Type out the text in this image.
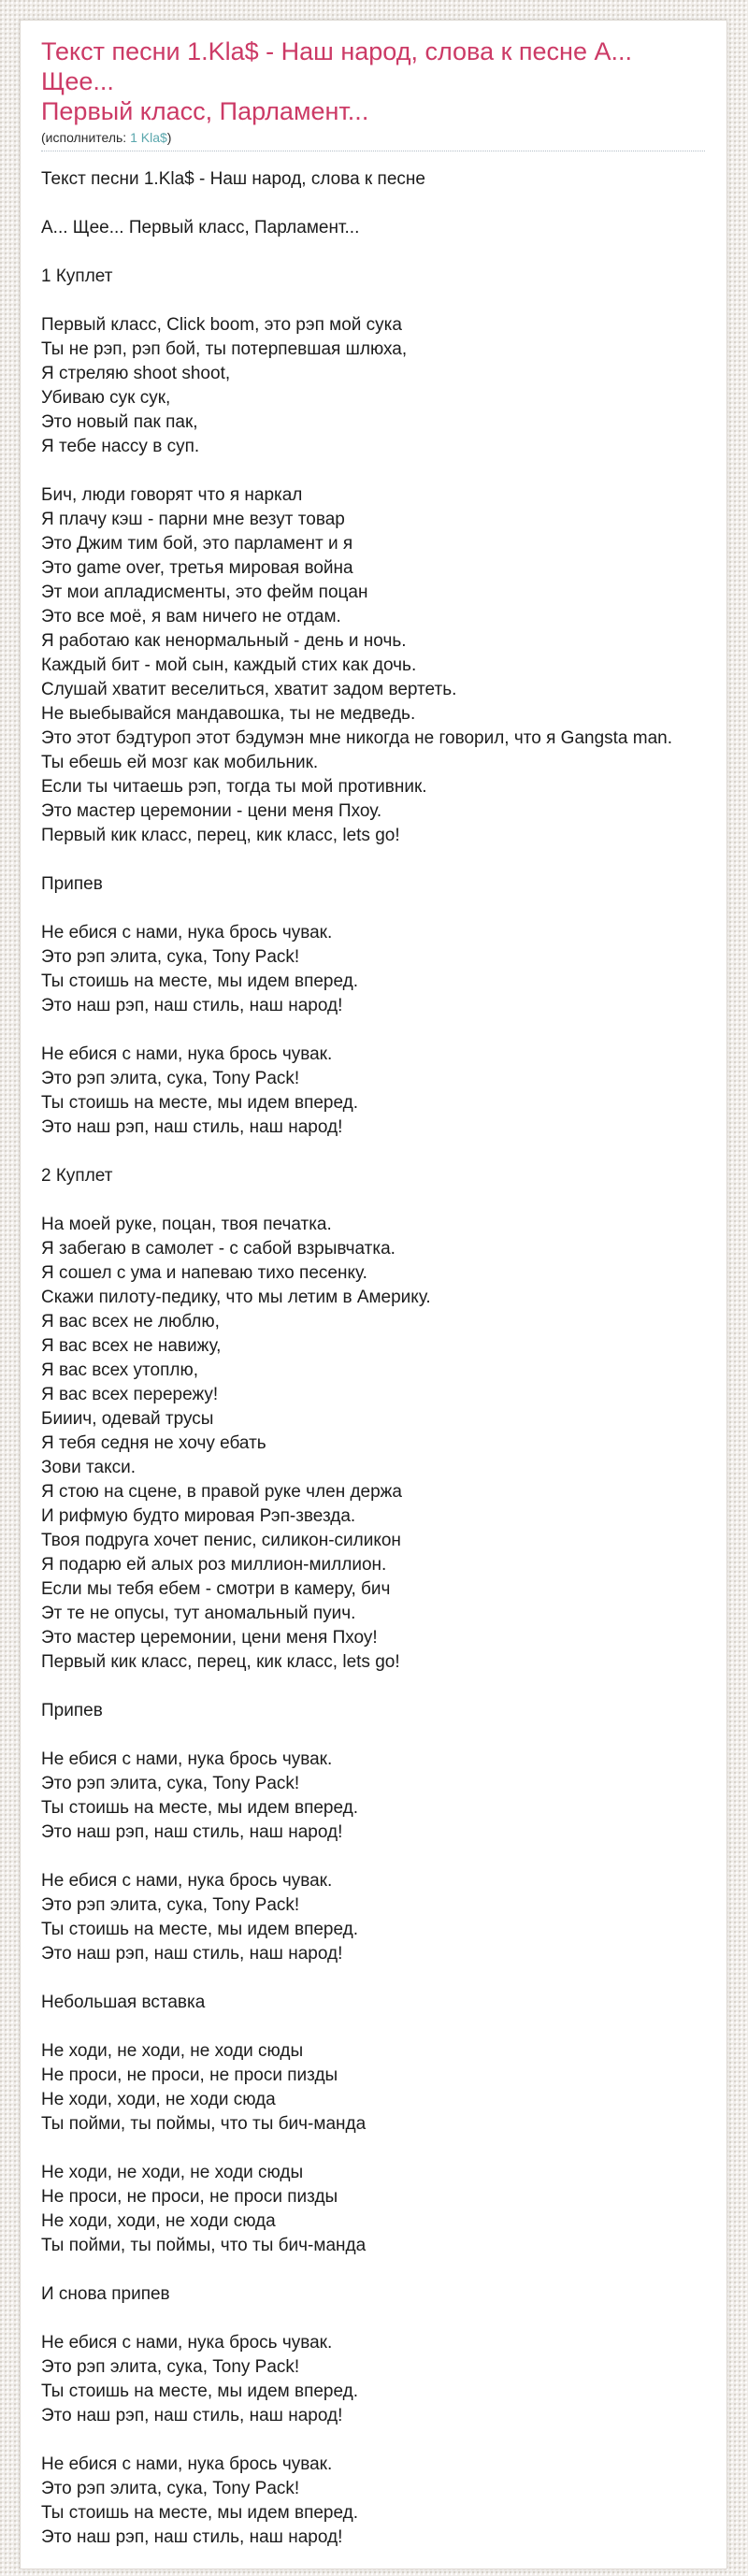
Текст песни 1.Kla$ - Наш народ, слова к песне А... Щее...
Первый класс, Парламент...
(исполнитель: 1 Kla$)
Текст песни 1.Kla$ - Наш народ, слова к песне
А... Щее... Первый класс, Парламент...
1 Куплет
Первый класс, Click boom, это рэп мой сука
Ты не рэп, рэп бой, ты потерпевшая шлюха,
Я стреляю shoot shoot,
Убиваю сук сук,
Это новый пак пак,
Я тебе нассу в суп.
Бич, люди говорят что я наркал
Я плачу кэш - парни мне везут товар
Это Джим тим бой, это парламент и я
Это game over, третья мировая война
Эт мои апладисменты, это фейм поцан
Это все моё, я вам ничего не отдам.
Я работаю как ненормальный - день и ночь.
Каждый бит - мой сын, каждый стих как дочь.
Слушай хватит веселиться, хватит задом вертеть.
Не выебывайся мандавошка, ты не медведь.
Это этот бэдтуроп этот бэдумэн мне никогда не говорил, что я Gangsta man.
Ты ебешь ей мозг как мобильник.
Если ты читаешь рэп, тогда ты мой противник.
Это мастер церемонии - цени меня Пхоу.
Первый кик класс, перец, кик класс, lets go!
Припев
Не ебися с нами, нука брось чувак.
Это рэп элита, сука, Tony Pack!
Ты стоишь на месте, мы идем вперед.
Это наш рэп, наш стиль, наш народ!
Не ебися с нами, нука брось чувак.
Это рэп элита, сука, Tony Pack!
Ты стоишь на месте, мы идем вперед.
Это наш рэп, наш стиль, наш народ!
2 Куплет
На моей руке, поцан, твоя печатка.
Я забегаю в самолет - с сабой взрывчатка.
Я сошел с ума и напеваю тихо песенку.
Скажи пилоту-педику, что мы летим в Америку.
Я вас всех не люблю,
Я вас всех не навижу,
Я вас всех утоплю,
Я вас всех перережу!
Бииич, одевай трусы
Я тебя седня не хочу ебать
Зови такси.
Я стою на сцене, в правой руке член держа
И рифмую будто мировая Рэп-звезда.
Твоя подруга хочет пенис, силикон-силикон
Я подарю ей алых роз миллион-миллион.
Если мы тебя ебем - смотри в камеру, бич
Эт те не опусы, тут аномальный пуич.
Это мастер церемонии, цени меня Пхоу!
Первый кик класс, перец, кик класс, lets go!
Припев
Не ебися с нами, нука брось чувак.
Это рэп элита, сука, Tony Pack!
Ты стоишь на месте, мы идем вперед.
Это наш рэп, наш стиль, наш народ!
Не ебися с нами, нука брось чувак.
Это рэп элита, сука, Tony Pack!
Ты стоишь на месте, мы идем вперед.
Это наш рэп, наш стиль, наш народ!
Небольшая вставка
Не ходи, не ходи, не ходи сюды
Не проси, не проси, не проси пизды
Не ходи, ходи, не ходи сюда
Ты пойми, ты поймы, что ты бич-манда
Не ходи, не ходи, не ходи сюды
Не проси, не проси, не проси пизды
Не ходи, ходи, не ходи сюда
Ты пойми, ты поймы, что ты бич-манда
И снова припев
Не ебися с нами, нука брось чувак.
Это рэп элита, сука, Tony Pack!
Ты стоишь на месте, мы идем вперед.
Это наш рэп, наш стиль, наш народ!
Не ебися с нами, нука брось чувак.
Это рэп элита, сука, Tony Pack!
Ты стоишь на месте, мы идем вперед.
Это наш рэп, наш стиль, наш народ!
